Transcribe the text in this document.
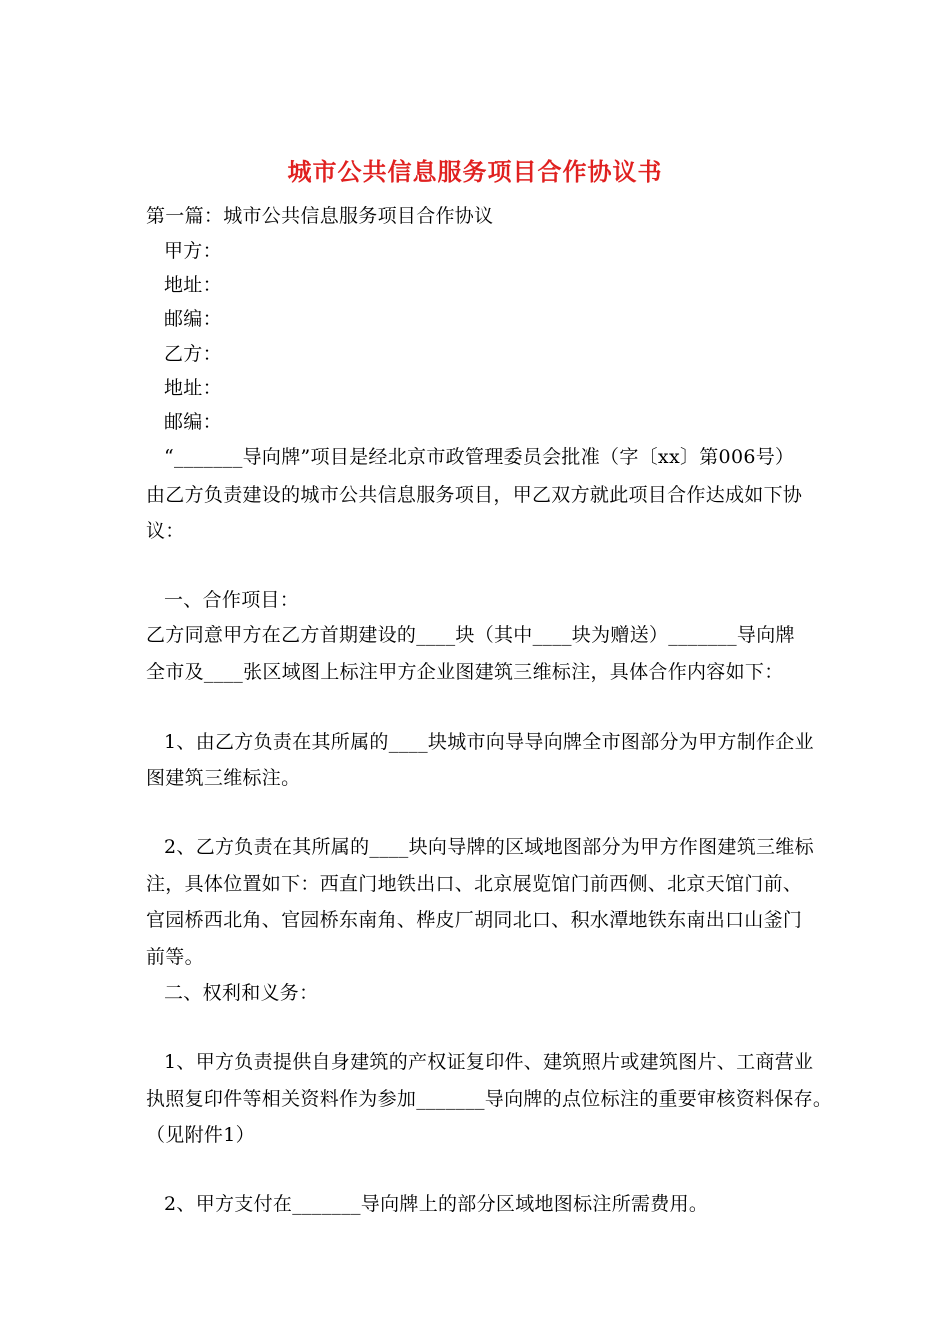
城市公共信息服务项目合作协议书
第一篇：城市公共信息服务项目合作协议
甲方：
地址：
邮编：
乙方：
地址：
邮编：
“_______导向牌”项目是经北京市政管理委员会批准（字〔xx〕第006号）
由乙方负责建设的城市公共信息服务项目，甲乙双方就此项目合作达成如下协
议：
一、合作项目：
乙方同意甲方在乙方首期建设的____块（其中____块为赠送）_______导向牌
全市及____张区域图上标注甲方企业图建筑三维标注，具体合作内容如下：
1、由乙方负责在其所属的____块城市向导导向牌全市图部分为甲方制作企业
图建筑三维标注。
2、乙方负责在其所属的____块向导牌的区域地图部分为甲方作图建筑三维标
注，具体位置如下：西直门地铁出口、北京展览馆门前西侧、北京天馆门前、
官园桥西北角、官园桥东南角、桦皮厂胡同北口、积水潭地铁东南出口山釜门
前等。
二、权利和义务：
1、甲方负责提供自身建筑的产权证复印件、建筑照片或建筑图片、工商营业
执照复印件等相关资料作为参加_______导向牌的点位标注的重要审核资料保存。
（见附件1）
2、甲方支付在_______导向牌上的部分区域地图标注所需费用。
